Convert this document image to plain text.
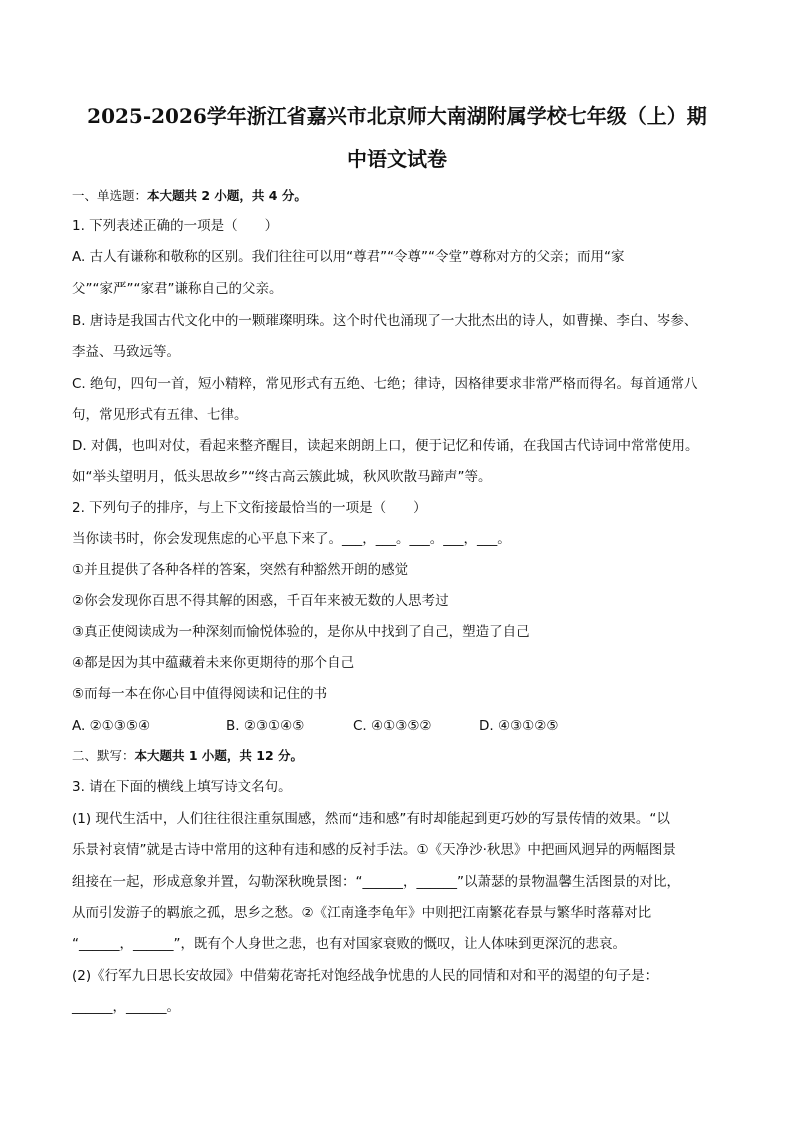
2025-2026学年浙江省嘉兴市北京师大南湖附属学校七年级（上）期
中语文试卷
一、单选题：本大题共 2 小题，共 4 分。
1. 下列表述正确的一项是（　　）
A. 古人有谦称和敬称的区别。我们往往可以用“尊君”“令尊”“令堂”尊称对方的父亲；而用“家
父”“家严”“家君”谦称自己的父亲。
B. 唐诗是我国古代文化中的一颗璀璨明珠。这个时代也涌现了一大批杰出的诗人，如曹操、李白、岑参、
李益、马致远等。
C. 绝句，四句一首，短小精粹，常见形式有五绝、七绝；律诗，因格律要求非常严格而得名。每首通常八
句，常见形式有五律、七律。
D. 对偶，也叫对仗，看起来整齐醒目，读起来朗朗上口，便于记忆和传诵，在我国古代诗词中常常使用。
如“举头望明月，低头思故乡”“终古高云簇此城，秋风吹散马蹄声”等。
2. 下列句子的排序，与上下文衔接最恰当的一项是（　　）
当你读书时，你会发现焦虑的心平息下来了。___，___。___。___，___。
①并且提供了各种各样的答案，突然有种豁然开朗的感觉
②你会发现你百思不得其解的困惑，千百年来被无数的人思考过
③真正使阅读成为一种深刻而愉悦体验的，是你从中找到了自己，塑造了自己
④都是因为其中蕴藏着未来你更期待的那个自己
⑤而每一本在你心目中值得阅读和记住的书
A. ②①③⑤④	B. ②③①④⑤	C. ④①③⑤②	D. ④③①②⑤
二、默写：本大题共 1 小题，共 12 分。
3. 请在下面的横线上填写诗文名句。
(1) 现代生活中，人们往往很注重氛围感，然而“违和感”有时却能起到更巧妙的写景传情的效果。“以
乐景衬哀情”就是古诗中常用的这种有违和感的反衬手法。①《天净沙·秋思》中把画风迥异的两幅图景
组接在一起，形成意象并置，勾勒深秋晚景图：“______，______”以萧瑟的景物温馨生活图景的对比，
从而引发游子的羁旅之孤，思乡之愁。②《江南逢李龟年》中则把江南繁花春景与繁华时落幕对比
“______，______”，既有个人身世之悲，也有对国家衰败的慨叹，让人体味到更深沉的悲哀。
(2)《行军九日思长安故园》中借菊花寄托对饱经战争忧患的人民的同情和对和平的渴望的句子是：
______，______。
